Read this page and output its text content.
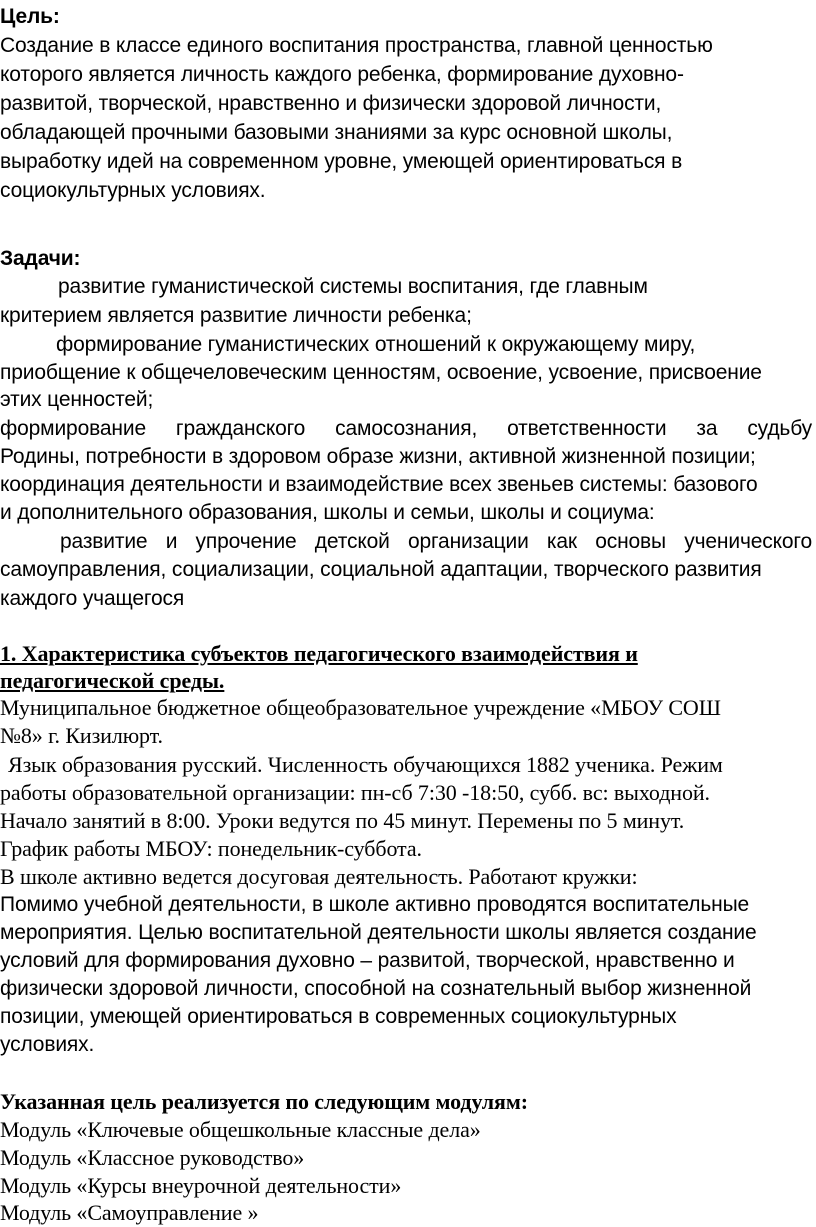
Цель:

Создание в классе единого воспитания пространства, главной ценностью

которого является личность каждого ребенка, формирование духовно-

развитой, творческой, нравственно и физически здоровой личности,

обладающей прочными базовыми знаниями за курс основной школы,

выработку идей на современном уровне, умеющей ориентироваться в

социокультурных условиях.

Задачи:

развитие гуманистической системы воспитания, где главным

критерием является развитие личности ребенка;

формирование гуманистических отношений к окружающему миру,

приобщение к общечеловеческим ценностям, освоение, усвоение, присвоение

этих ценностей;

формирование гражданского самосознания, ответственности за судьбу

Родины, потребности в здоровом образе жизни, активной жизненной позиции;

координация деятельности и взаимодействие всех звеньев системы: базового

и дополнительного образования, школы и семьи, школы и социума:

развитие и упрочение детской организации как основы ученического

самоуправления, социализации, социальной адаптации, творческого развития

каждого учащегося

1. Характеристика субъектов педагогического взаимодействия и

педагогической среды.

Муниципальное бюджетное общеобразовательное учреждение «МБОУ СОШ

№8» г. Кизилюрт.

Язык образования русский. Численность обучающихся 1882 ученика. Режим

работы образовательной организации: пн-сб 7:30 -18:50, субб. вс: выходной.

Начало занятий в 8:00. Уроки ведутся по 45 минут. Перемены по 5 минут.

График работы МБОУ: понедельник-суббота.

В школе активно ведется досуговая деятельность. Работают кружки:

Помимо учебной деятельности, в школе активно проводятся воспитательные

мероприятия. Целью воспитательной деятельности школы является создание

условий для формирования духовно – развитой, творческой, нравственно и

физически здоровой личности, способной на сознательный выбор жизненной

позиции, умеющей ориентироваться в современных социокультурных

условиях.

Указанная цель реализуется по следующим модулям:

Модуль «Ключевые общешкольные классные дела»

Модуль «Классное руководство»

Модуль «Курсы внеурочной деятельности»

Модуль «Самоуправление »
